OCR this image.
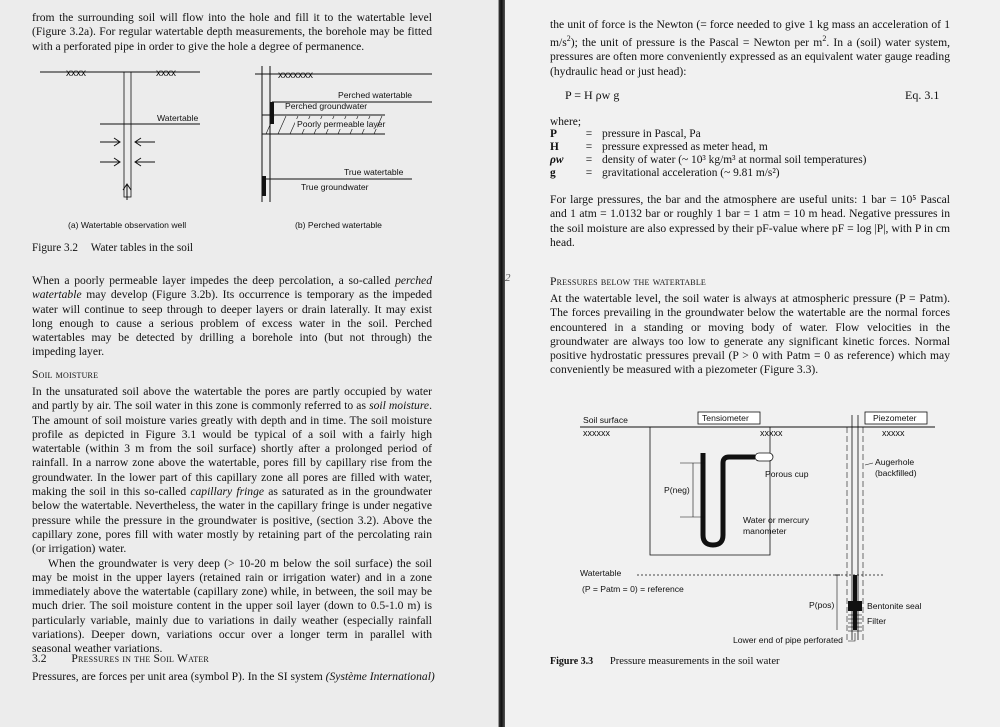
from the surrounding soil will flow into the hole and fill it to the watertable level (Figure 3.2a). For regular watertable depth measurements, the borehole may be fitted with a perforated pipe in order to give the hole a degree of permanence.

xxxx	xxxx
Watertable
(a) Watertable observation well
xxxxxxx
Perched watertable
Perched groundwater
Poorly permeable layer
True watertable
True groundwater
(b) Perched watertable
Figure 3.2 Water tables in the soil

When a poorly permeable layer impedes the deep percolation, a so-called perched watertable may develop (Figure 3.2b). Its occurrence is temporary as the impeded water will continue to seep through to deeper layers or drain laterally. It may exist long enough to cause a serious problem of excess water in the soil. Perched watertables may be detected by drilling a borehole into (but not through) the impeding layer.

Soil moisture

In the unsaturated soil above the watertable the pores are partly occupied by water and partly by air. The soil water in this zone is commonly referred to as soil moisture. The amount of soil moisture varies greatly with depth and in time. The soil moisture profile as depicted in Figure 3.1 would be typical of a soil with a fairly high watertable (within 3 m from the soil surface) shortly after a prolonged period of rainfall. In a narrow zone above the watertable, pores fill by capillary rise from the groundwater. In the lower part of this capillary zone all pores are filled with water, making the soil in this so-called capillary fringe as saturated as in the groundwater below the watertable. Nevertheless, the water in the capillary fringe is under negative pressure while the pressure in the groundwater is positive, (section 3.2). Above the capillary zone, pores fill with water mostly by retaining part of the percolating rain (or irrigation) water.

When the groundwater is very deep (> 10-20 m below the soil surface) the soil may be moist in the upper layers (retained rain or irrigation water) and in a zone immediately above the watertable (capillary zone) while, in between, the soil may be much drier. The soil moisture content in the upper soil layer (down to 0.5-1.0 m) is particularly variable, mainly due to variations in daily weather (especially rainfall variations). Deeper down, variations occur over a longer term in parallel with seasonal weather variations.

3.2 Pressures in the Soil Water

Pressures, are forces per unit area (symbol P). In the SI system (Système International)

the unit of force is the Newton (= force needed to give 1 kg mass an acceleration of 1 $m/s^2$); the unit of pressure is the Pascal = Newton per $m^2$. In a (soil) water system, pressures are often more conveniently expressed as an equivalent water gauge reading (hydraulic head or just head):

P = H ρw g	Eq. 3.1
where;
P	=	pressure in Pascal, Pa
H	=	pressure expressed as meter head, m
ρw	=	density of water (~ 10³ kg/m³ at normal soil temperatures)
g	=	gravitational acceleration (~ 9.81 m/s²)

For large pressures, the bar and the atmosphere are useful units: 1 bar = 10⁵ Pascal and 1 atm = 1.0132 bar or roughly 1 bar = 1 atm = 10 m head. Negative pressures in the soil moisture are also expressed by their pF-value where pF = log |P|, with P in cm head.

2	Pressures below the watertable

At the watertable level, the soil water is always at atmospheric pressure (P = Patm). The forces prevailing in the groundwater below the watertable are the normal forces encountered in a standing or moving body of water. Flow velocities in the groundwater are always too low to generate any significant kinetic forces. Normal positive hydrostatic pressures prevail (P > 0 with Patm = 0 as reference) which may conveniently be measured with a piezometer (Figure 3.3).

Soil surface
xxxxxx	xxxxx	xxxxx
Tensiometer
Porous cup
P(neg)
Water or mercury
manometer
Piezometer
Augerhole
(backfilled)
Watertable
(P = Patm = 0) = reference
P(pos)	Bentonite seal
Filter
Lower end of pipe perforated
Figure 3.3 Pressure measurements in the soil water
